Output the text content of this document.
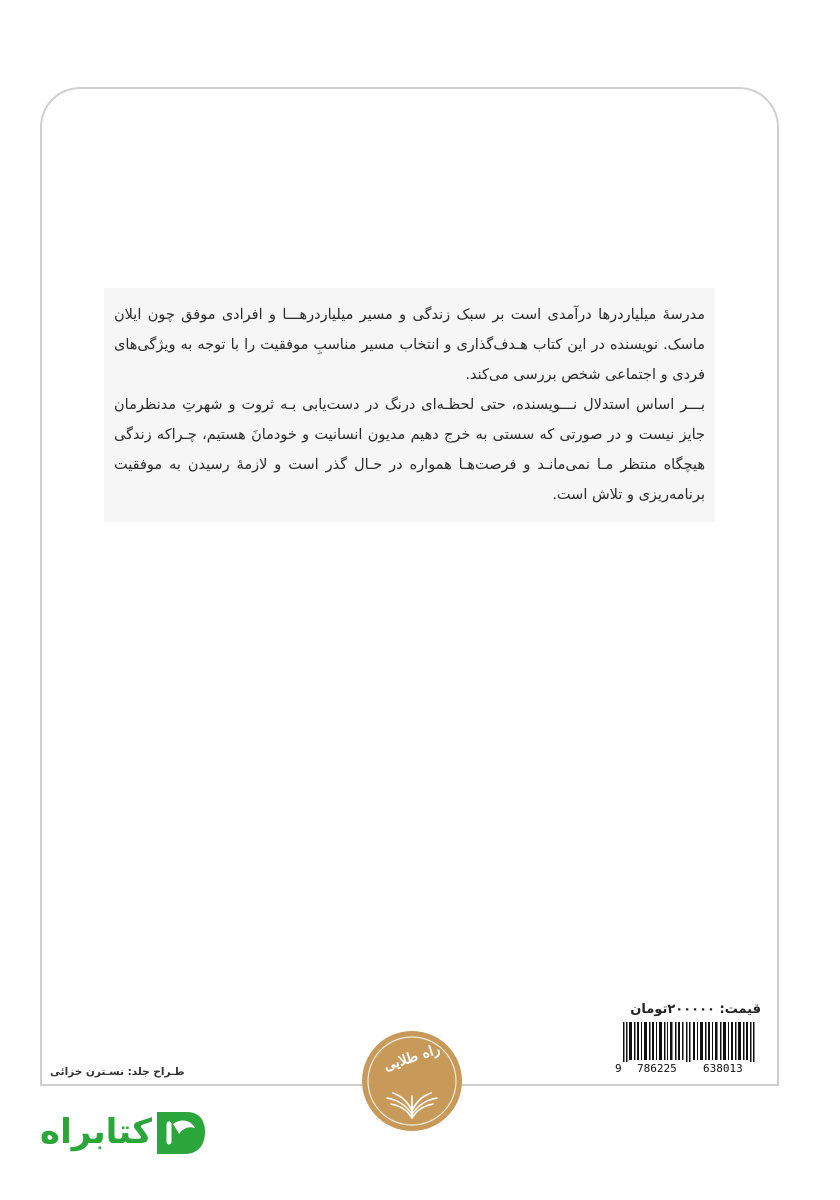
مدرسهٔ میلیاردرها درآمدی است بر سبک زندگی و مسیر میلیاردرهـــا و افرادی موفق چون ایلان ماسک. نویسنده در این کتاب هـدف‌گذاری و انتخاب مسیر مناسبِ موفقیت را با توجه به ویژگی‌های فردی و اجتماعی شخص بررسی می‌کند.

بـــر اساس استدلال نـــویسنده، حتی لحظـه‌ای درنگ در دست‌یابی بـه ثروت و شهرتِ مدنظرمان جایز نیست و در صورتی که سستی به خرج دهیم مدیون انسانیت و خودمانَ هستیم، چـراکه زندگی هیچگاه منتظر مـا نمی‌مانـد و فرصت‌هـا همواره در حـال گذر است و لازمهٔ رسیدن به موفقیت برنامه‌ریزی و تلاش است.

قیمت: ۲۰۰۰۰۰تومان
9 786225 638013
طـراح جلد: نسـترن خزائی	راه طلایی
کتابراه
